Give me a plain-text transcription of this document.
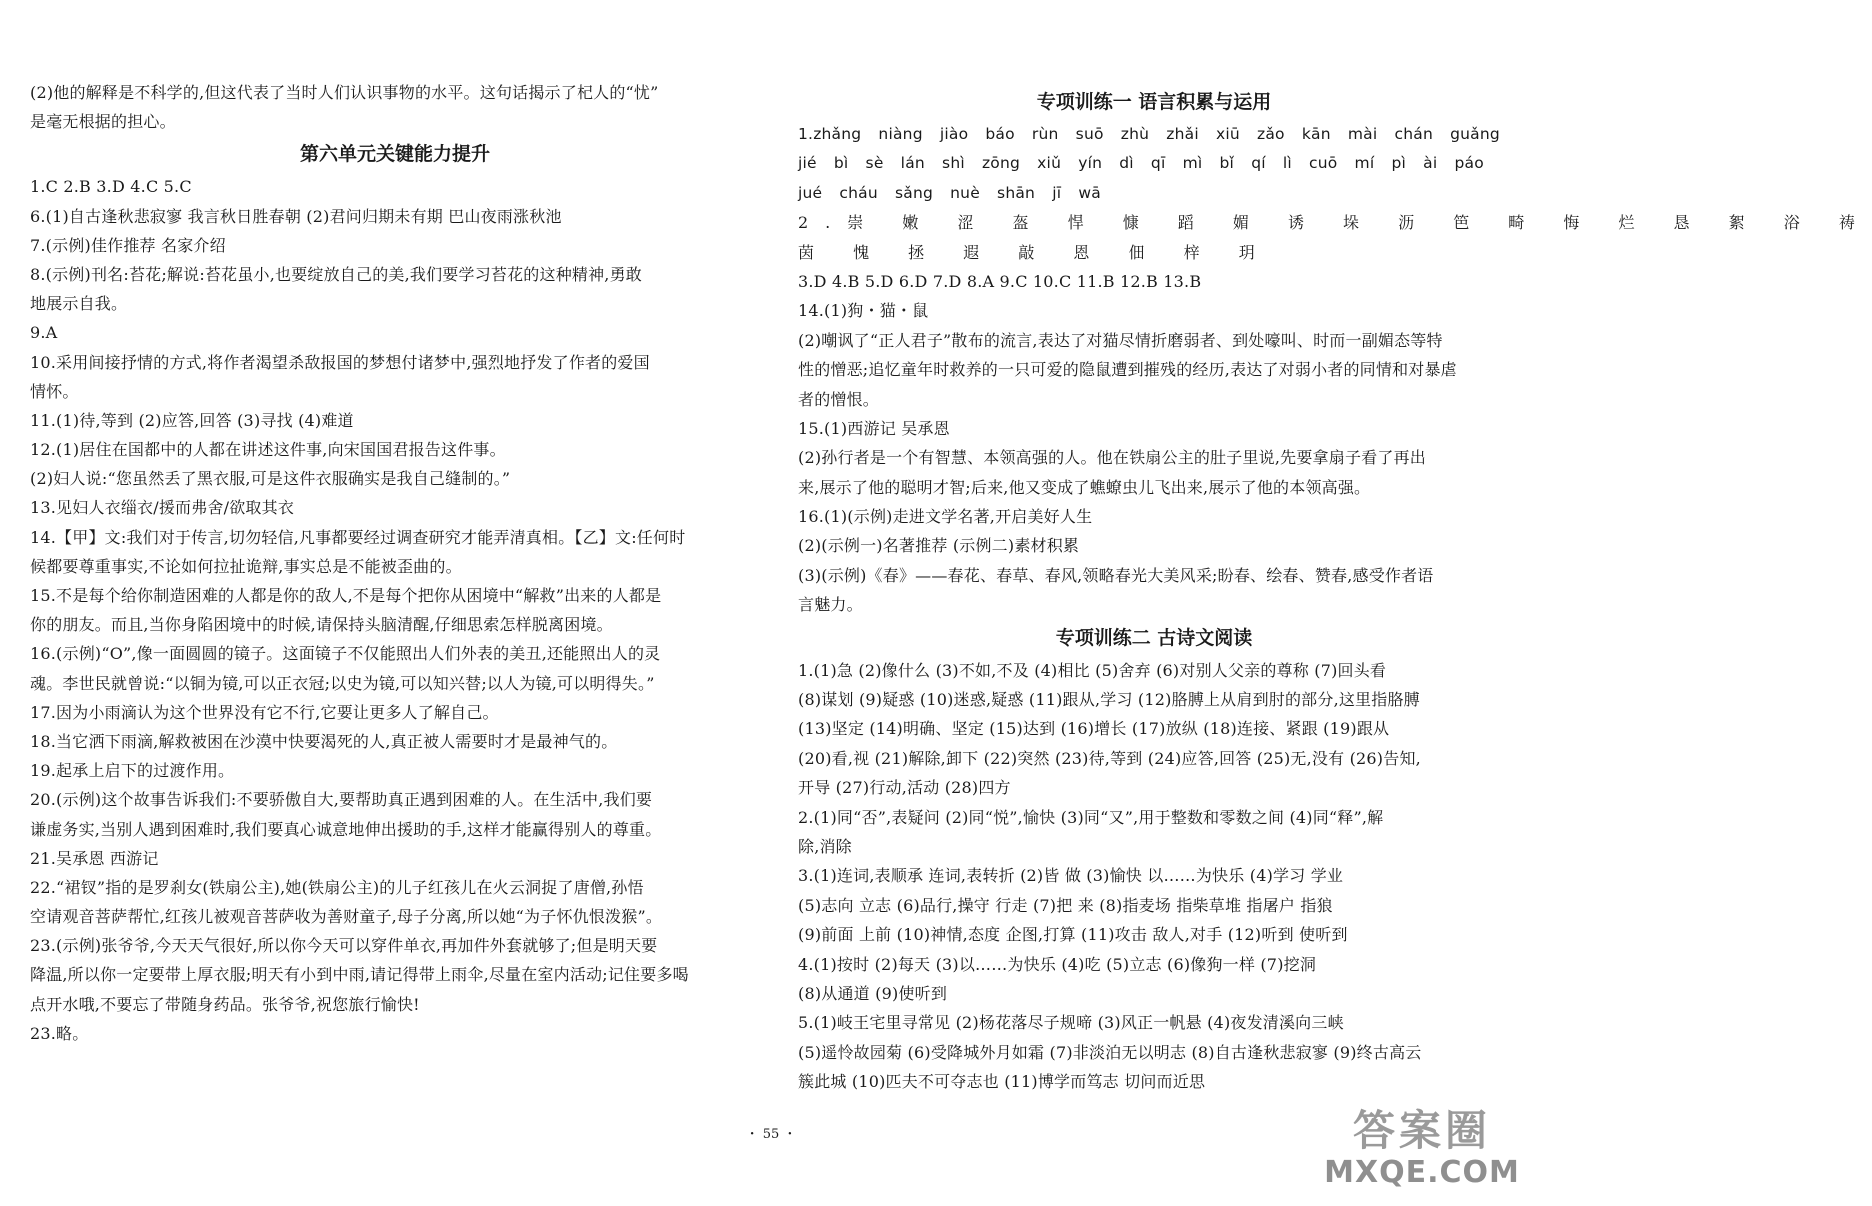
(2)他的解释是不科学的,但这代表了当时人们认识事物的水平。这句话揭示了杞人的“忧”
是毫无根据的担心。
第六单元关键能力提升
1.C 2.B 3.D 4.C 5.C
6.(1)自古逢秋悲寂寥 我言秋日胜春朝 (2)君问归期未有期 巴山夜雨涨秋池
7.(示例)佳作推荐 名家介绍
8.(示例)刊名:苔花;解说:苔花虽小,也要绽放自己的美,我们要学习苔花的这种精神,勇敢
地展示自我。
9.A
10.采用间接抒情的方式,将作者渴望杀敌报国的梦想付诸梦中,强烈地抒发了作者的爱国
情怀。
11.(1)待,等到 (2)应答,回答 (3)寻找 (4)难道
12.(1)居住在国都中的人都在讲述这件事,向宋国国君报告这件事。
(2)妇人说:“您虽然丢了黑衣服,可是这件衣服确实是我自己缝制的。”
13.见妇人衣缁衣/援而弗舍/欲取其衣
14.【甲】文:我们对于传言,切勿轻信,凡事都要经过调查研究才能弄清真相。【乙】文:任何时
候都要尊重事实,不论如何拉扯诡辩,事实总是不能被歪曲的。
15.不是每个给你制造困难的人都是你的敌人,不是每个把你从困境中“解救”出来的人都是
你的朋友。而且,当你身陷困境中的时候,请保持头脑清醒,仔细思索怎样脱离困境。
16.(示例)“O”,像一面圆圆的镜子。这面镜子不仅能照出人们外表的美丑,还能照出人的灵
魂。李世民就曾说:“以铜为镜,可以正衣冠;以史为镜,可以知兴替;以人为镜,可以明得失。”
17.因为小雨滴认为这个世界没有它不行,它要让更多人了解自己。
18.当它洒下雨滴,解救被困在沙漠中快要渴死的人,真正被人需要时才是最神气的。
19.起承上启下的过渡作用。
20.(示例)这个故事告诉我们:不要骄傲自大,要帮助真正遇到困难的人。在生活中,我们要
谦虚务实,当别人遇到困难时,我们要真心诚意地伸出援助的手,这样才能赢得别人的尊重。
21.吴承恩 西游记
22.“裙钗”指的是罗刹女(铁扇公主),她(铁扇公主)的儿子红孩儿在火云洞捉了唐僧,孙悟
空请观音菩萨帮忙,红孩儿被观音菩萨收为善财童子,母子分离,所以她“为子怀仇恨泼猴”。
23.(示例)张爷爷,今天天气很好,所以你今天可以穿件单衣,再加件外套就够了;但是明天要
降温,所以你一定要带上厚衣服;明天有小到中雨,请记得带上雨伞,尽量在室内活动;记住要多喝
点开水哦,不要忘了带随身药品。张爷爷,祝您旅行愉快!
23.略。
专项训练一 语言积累与运用
1.zhǎng niàng jiào báo rùn suō zhù zhǎi xiū zǎo kān mài chán guǎng
jié bì sè lán shì zōng xiǔ yín dì qī mì bǐ qí lì cuō mí pì ài páo
jué cháu sǎng nuè shān jī wā
2.崇 嫩 涩 盔 悍 慷 蹈 媚 诱 垛 沥 笆 畸 悔 烂 恳 絮 浴 祷
茵 愧 拯 遐 敲 恩 佃 梓 玥
3.D 4.B 5.D 6.D 7.D 8.A 9.C 10.C 11.B 12.B 13.B
14.(1)狗・猫・鼠
(2)嘲讽了“正人君子”散布的流言,表达了对猫尽情折磨弱者、到处嚎叫、时而一副媚态等特
性的憎恶;追忆童年时救养的一只可爱的隐鼠遭到摧残的经历,表达了对弱小者的同情和对暴虐
者的憎恨。
15.(1)西游记 吴承恩
(2)孙行者是一个有智慧、本领高强的人。他在铁扇公主的肚子里说,先要拿扇子看了再出
来,展示了他的聪明才智;后来,他又变成了蟭蟟虫儿飞出来,展示了他的本领高强。
16.(1)(示例)走进文学名著,开启美好人生
(2)(示例一)名著推荐 (示例二)素材积累
(3)(示例)《春》——春花、春草、春风,领略春光大美风采;盼春、绘春、赞春,感受作者语
言魅力。
专项训练二 古诗文阅读
1.(1)急 (2)像什么 (3)不如,不及 (4)相比 (5)舍弃 (6)对别人父亲的尊称 (7)回头看
(8)谋划 (9)疑惑 (10)迷惑,疑惑 (11)跟从,学习 (12)胳膊上从肩到肘的部分,这里指胳膊
(13)坚定 (14)明确、坚定 (15)达到 (16)增长 (17)放纵 (18)连接、紧跟 (19)跟从
(20)看,视 (21)解除,卸下 (22)突然 (23)待,等到 (24)应答,回答 (25)无,没有 (26)告知,
开导 (27)行动,活动 (28)四方
2.(1)同“否”,表疑问 (2)同“悦”,愉快 (3)同“又”,用于整数和零数之间 (4)同“释”,解
除,消除
3.(1)连词,表顺承 连词,表转折 (2)皆 做 (3)愉快 以……为快乐 (4)学习 学业
(5)志向 立志 (6)品行,操守 行走 (7)把 来 (8)指麦场 指柴草堆 指屠户 指狼
(9)前面 上前 (10)神情,态度 企图,打算 (11)攻击 敌人,对手 (12)听到 使听到
4.(1)按时 (2)每天 (3)以……为快乐 (4)吃 (5)立志 (6)像狗一样 (7)挖洞
(8)从通道 (9)使听到
5.(1)岐王宅里寻常见 (2)杨花落尽子规啼 (3)风正一帆悬 (4)夜发清溪向三峡
(5)遥怜故园菊 (6)受降城外月如霜 (7)非淡泊无以明志 (8)自古逢秋悲寂寥 (9)终古高云
簇此城 (10)匹夫不可夺志也 (11)博学而笃志 切问而近思
・ 55 ・	答案圈
MXQE.COM
